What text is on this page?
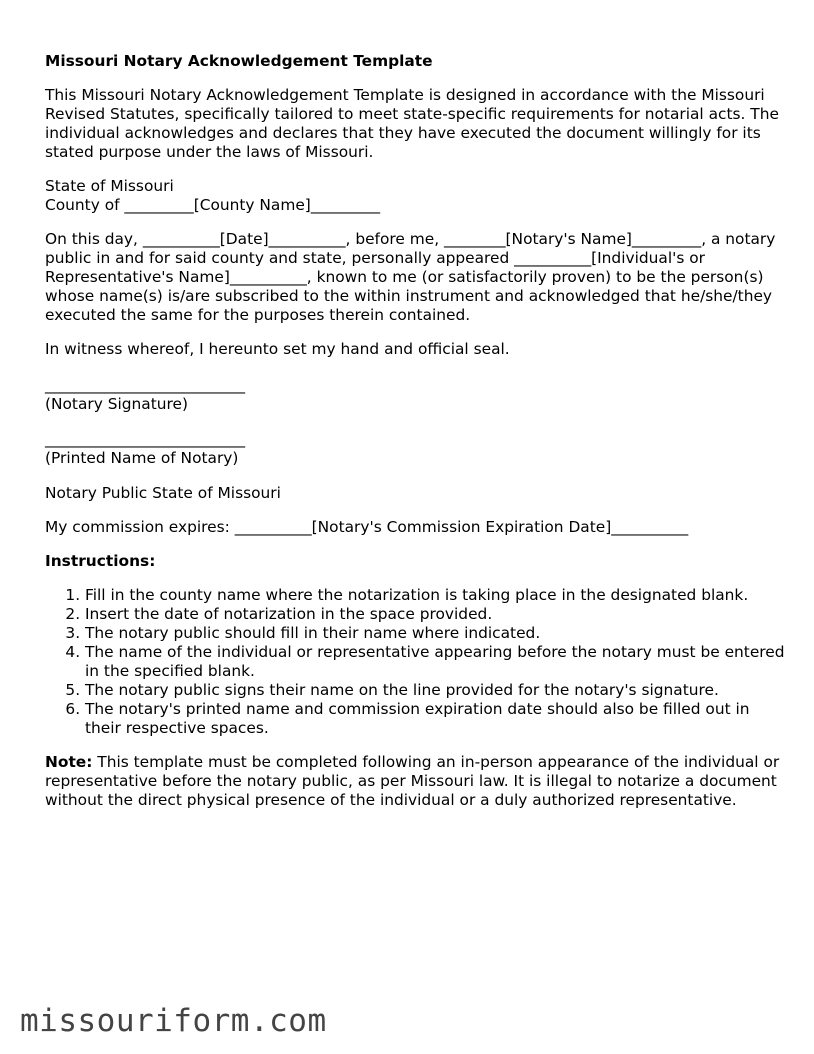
Missouri Notary Acknowledgement Template

This Missouri Notary Acknowledgement Template is designed in accordance with the Missouri Revised Statutes, specifically tailored to meet state-specific requirements for notarial acts. The individual acknowledges and declares that they have executed the document willingly for its stated purpose under the laws of Missouri.

State of Missouri
County of _________[County Name]_________

On this day, __________[Date]__________, before me, ________[Notary's Name]_________, a notary public in and for said county and state, personally appeared __________[Individual's or Representative's Name]__________, known to me (or satisfactorily proven) to be the person(s) whose name(s) is/are subscribed to the within instrument and acknowledged that he/she/they executed the same for the purposes therein contained.

In witness whereof, I hereunto set my hand and official seal.

__________________________
(Notary Signature)
__________________________
(Printed Name of Notary)

Notary Public State of Missouri

My commission expires: __________[Notary's Commission Expiration Date]__________

Instructions:
1. Fill in the county name where the notarization is taking place in the designated blank.
2. Insert the date of notarization in the space provided.
3. The notary public should fill in their name where indicated.
4. The name of the individual or representative appearing before the notary must be entered in the specified blank.
5. The notary public signs their name on the line provided for the notary's signature.
6. The notary's printed name and commission expiration date should also be filled out in their respective spaces.

Note: This template must be completed following an in-person appearance of the individual or representative before the notary public, as per Missouri law. It is illegal to notarize a document without the direct physical presence of the individual or a duly authorized representative.

missouriform.com
